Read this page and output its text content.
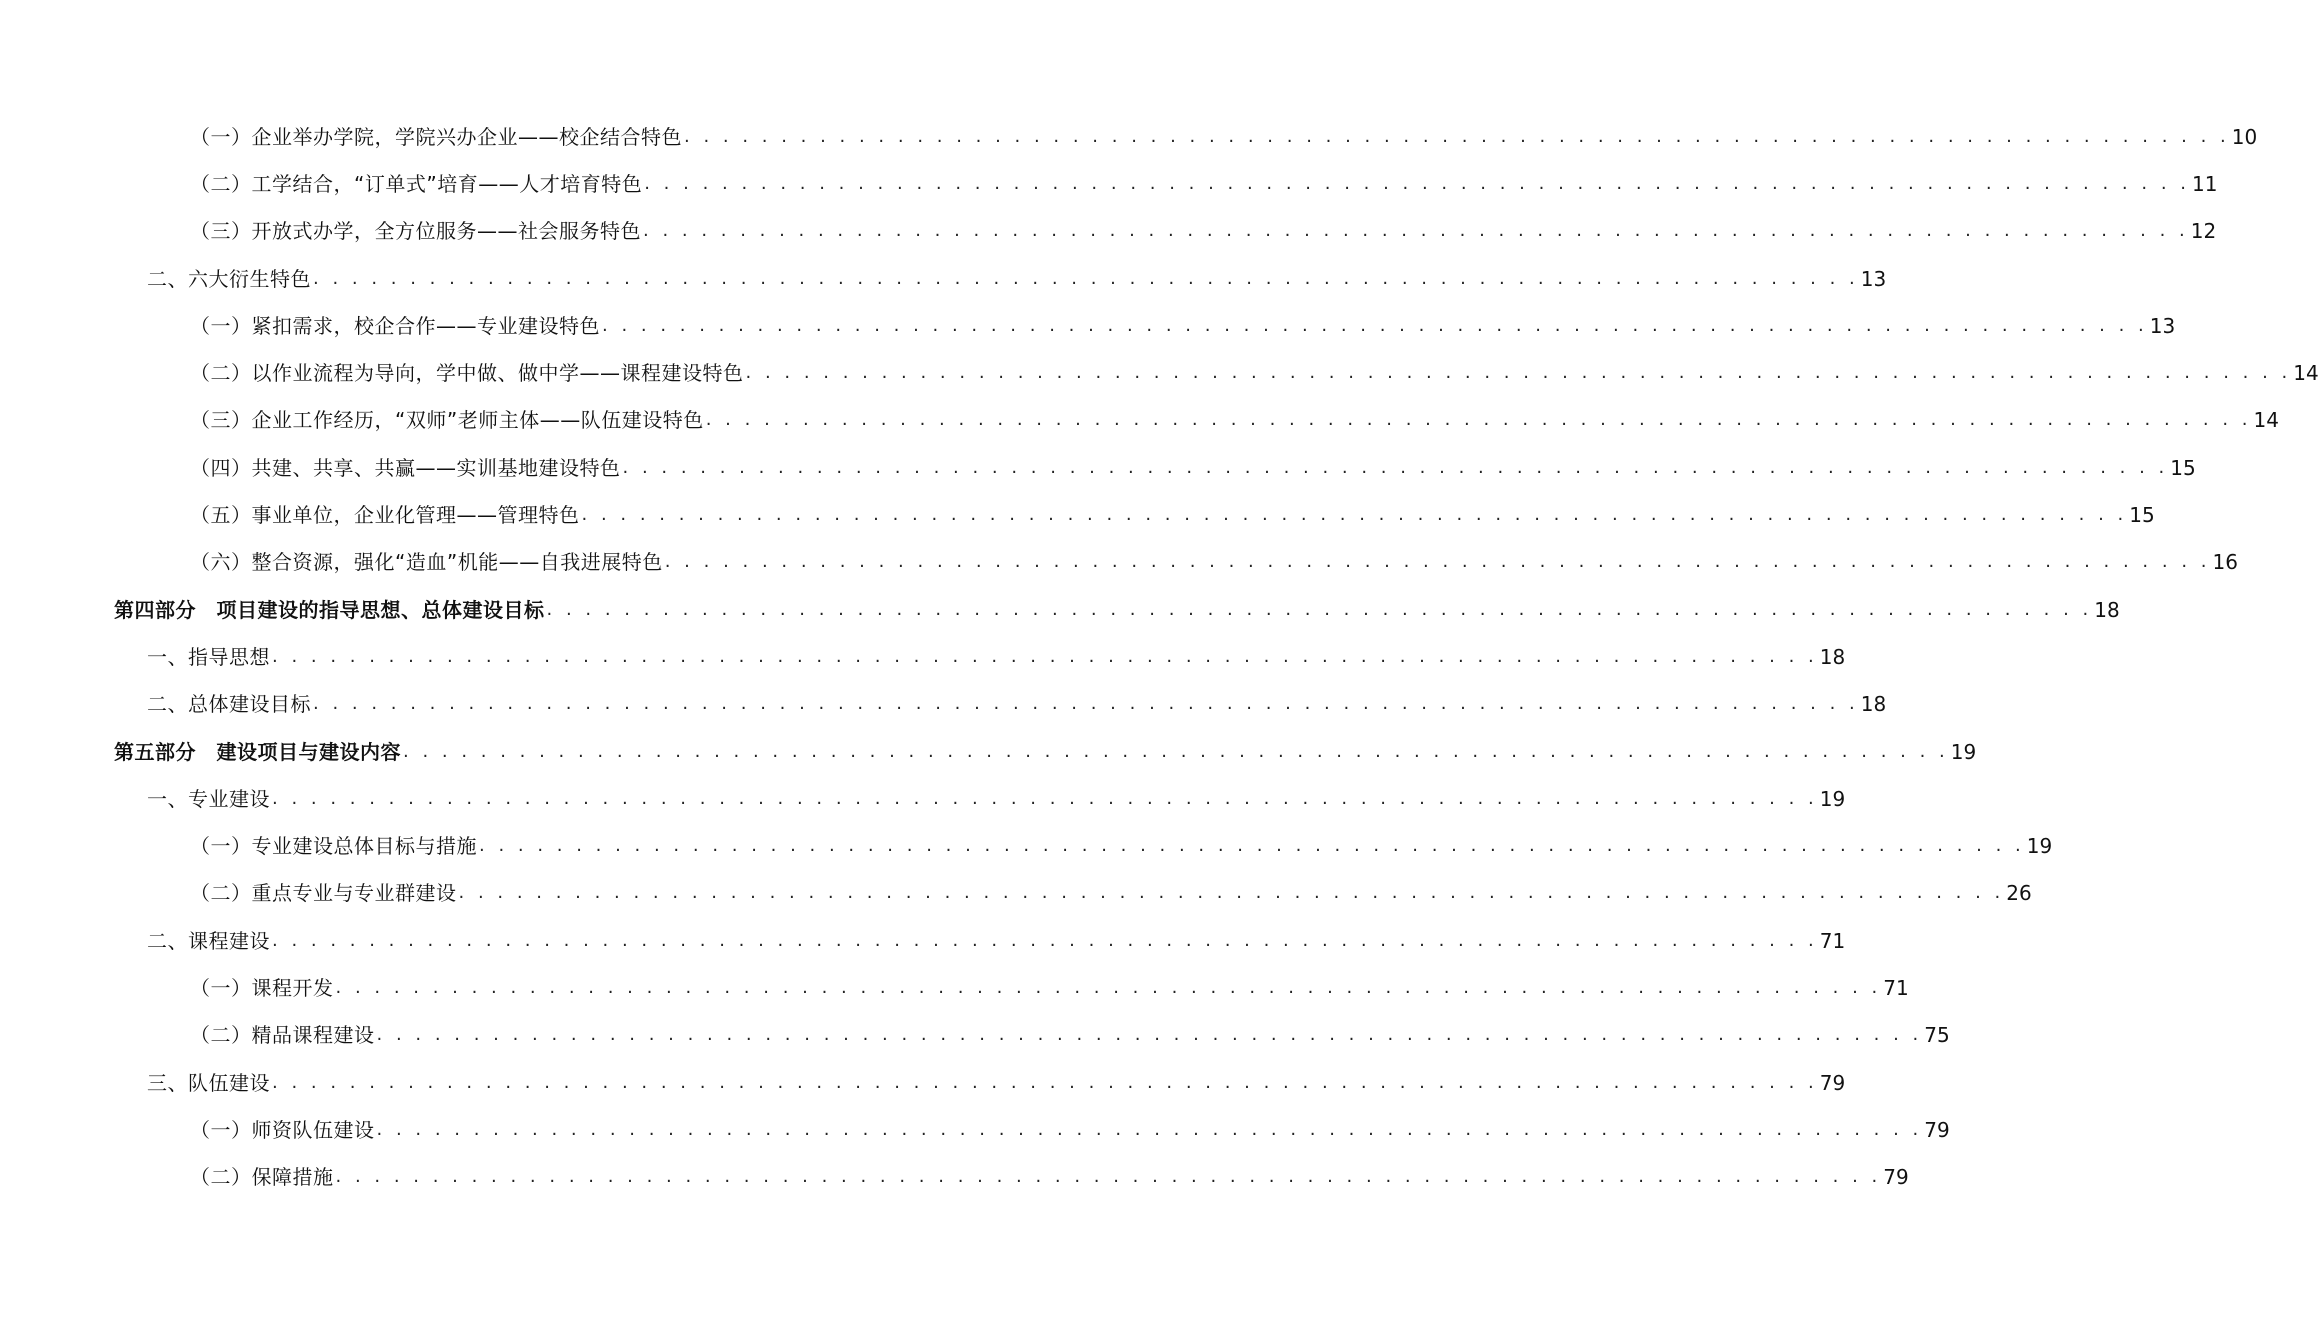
（一）企业举办学院，学院兴办企业——校企结合特色 . . . . . . . . . . . . . . . . . . . . . . . . . . . . . . . . . . . . . . . . . . . . . . . . . . . . . . . . . . . . . . . . . . . . . . . . . . . . . . . . 10
（二）工学结合，“订单式”培育——人才培育特色 . . . . . . . . . . . . . . . . . . . . . . . . . . . . . . . . . . . . . . . . . . . . . . . . . . . . . . . . . . . . . . . . . . . . . . . . . . . . . . . . 11
（三）开放式办学，全方位服务——社会服务特色 . . . . . . . . . . . . . . . . . . . . . . . . . . . . . . . . . . . . . . . . . . . . . . . . . . . . . . . . . . . . . . . . . . . . . . . . . . . . . . . . 12
二、六大衍生特色 . . . . . . . . . . . . . . . . . . . . . . . . . . . . . . . . . . . . . . . . . . . . . . . . . . . . . . . . . . . . . . . . . . . . . . . . . . . . . . . . 13
（一）紧扣需求，校企合作——专业建设特色 . . . . . . . . . . . . . . . . . . . . . . . . . . . . . . . . . . . . . . . . . . . . . . . . . . . . . . . . . . . . . . . . . . . . . . . . . . . . . . . . 13
（二）以作业流程为导向，学中做、做中学——课程建设特色 . . . . . . . . . . . . . . . . . . . . . . . . . . . . . . . . . . . . . . . . . . . . . . . . . . . . . . . . . . . . . . . . . . . . . . . . . . . . . . . . 14
（三）企业工作经历，“双师”老师主体——队伍建设特色 . . . . . . . . . . . . . . . . . . . . . . . . . . . . . . . . . . . . . . . . . . . . . . . . . . . . . . . . . . . . . . . . . . . . . . . . . . . . . . . . 14
（四）共建、共享、共赢——实训基地建设特色 . . . . . . . . . . . . . . . . . . . . . . . . . . . . . . . . . . . . . . . . . . . . . . . . . . . . . . . . . . . . . . . . . . . . . . . . . . . . . . . . 15
（五）事业单位，企业化管理——管理特色 . . . . . . . . . . . . . . . . . . . . . . . . . . . . . . . . . . . . . . . . . . . . . . . . . . . . . . . . . . . . . . . . . . . . . . . . . . . . . . . . 15
（六）整合资源，强化“造血”机能——自我进展特色 . . . . . . . . . . . . . . . . . . . . . . . . . . . . . . . . . . . . . . . . . . . . . . . . . . . . . . . . . . . . . . . . . . . . . . . . . . . . . . . . 16
第四部分　项目建设的指导思想、总体建设目标 . . . . . . . . . . . . . . . . . . . . . . . . . . . . . . . . . . . . . . . . . . . . . . . . . . . . . . . . . . . . . . . . . . . . . . . . . . . . . . . . 18
一、指导思想 . . . . . . . . . . . . . . . . . . . . . . . . . . . . . . . . . . . . . . . . . . . . . . . . . . . . . . . . . . . . . . . . . . . . . . . . . . . . . . . . 18
二、总体建设目标 . . . . . . . . . . . . . . . . . . . . . . . . . . . . . . . . . . . . . . . . . . . . . . . . . . . . . . . . . . . . . . . . . . . . . . . . . . . . . . . . 18
第五部分　建设项目与建设内容 . . . . . . . . . . . . . . . . . . . . . . . . . . . . . . . . . . . . . . . . . . . . . . . . . . . . . . . . . . . . . . . . . . . . . . . . . . . . . . . . 19
一、专业建设 . . . . . . . . . . . . . . . . . . . . . . . . . . . . . . . . . . . . . . . . . . . . . . . . . . . . . . . . . . . . . . . . . . . . . . . . . . . . . . . . 19
（一）专业建设总体目标与措施 . . . . . . . . . . . . . . . . . . . . . . . . . . . . . . . . . . . . . . . . . . . . . . . . . . . . . . . . . . . . . . . . . . . . . . . . . . . . . . . . 19
（二）重点专业与专业群建设 . . . . . . . . . . . . . . . . . . . . . . . . . . . . . . . . . . . . . . . . . . . . . . . . . . . . . . . . . . . . . . . . . . . . . . . . . . . . . . . . 26
二、课程建设 . . . . . . . . . . . . . . . . . . . . . . . . . . . . . . . . . . . . . . . . . . . . . . . . . . . . . . . . . . . . . . . . . . . . . . . . . . . . . . . . 71
（一）课程开发 . . . . . . . . . . . . . . . . . . . . . . . . . . . . . . . . . . . . . . . . . . . . . . . . . . . . . . . . . . . . . . . . . . . . . . . . . . . . . . . . 71
（二）精品课程建设 . . . . . . . . . . . . . . . . . . . . . . . . . . . . . . . . . . . . . . . . . . . . . . . . . . . . . . . . . . . . . . . . . . . . . . . . . . . . . . . . 75
三、队伍建设 . . . . . . . . . . . . . . . . . . . . . . . . . . . . . . . . . . . . . . . . . . . . . . . . . . . . . . . . . . . . . . . . . . . . . . . . . . . . . . . . 79
（一）师资队伍建设 . . . . . . . . . . . . . . . . . . . . . . . . . . . . . . . . . . . . . . . . . . . . . . . . . . . . . . . . . . . . . . . . . . . . . . . . . . . . . . . . 79
（二）保障措施 . . . . . . . . . . . . . . . . . . . . . . . . . . . . . . . . . . . . . . . . . . . . . . . . . . . . . . . . . . . . . . . . . . . . . . . . . . . . . . . . 79
